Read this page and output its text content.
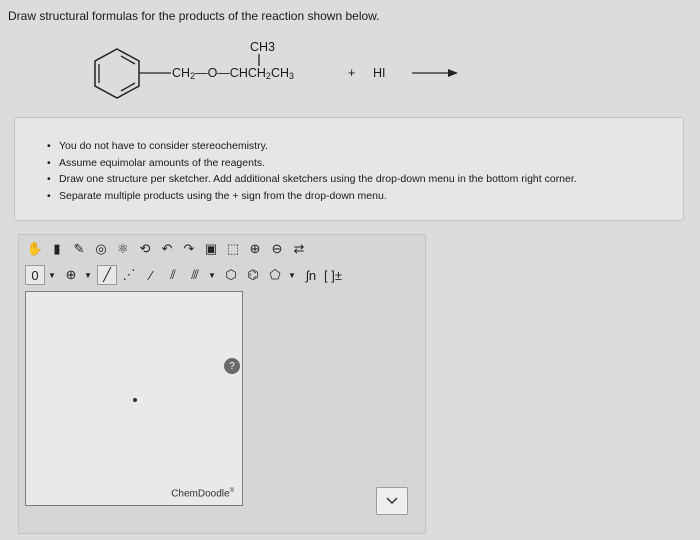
Draw structural formulas for the products of the reaction shown below.
CH3
$CH_2—O—CHCH_2CH_3$	+ HI
• You do not have to consider stereochemistry.
• Assume equimolar amounts of the reagents.
• Draw one structure per sketcher. Add additional sketchers using the drop-down menu in the bottom right corner.
• Separate multiple products using the + sign from the drop-down menu.
✋ ▮ ✎ ◎ ⚛ ⟲ ↶ ↷ ▣ ⬚ ⊕ ⊖ ⇄
0	▼ ⊕ ▼ ╱ ⋰	∕	⫽	⫻	▼ ⬡ ⌬ ⬠ ▼ ʃn [ ]±
?
ChemDoodle®
